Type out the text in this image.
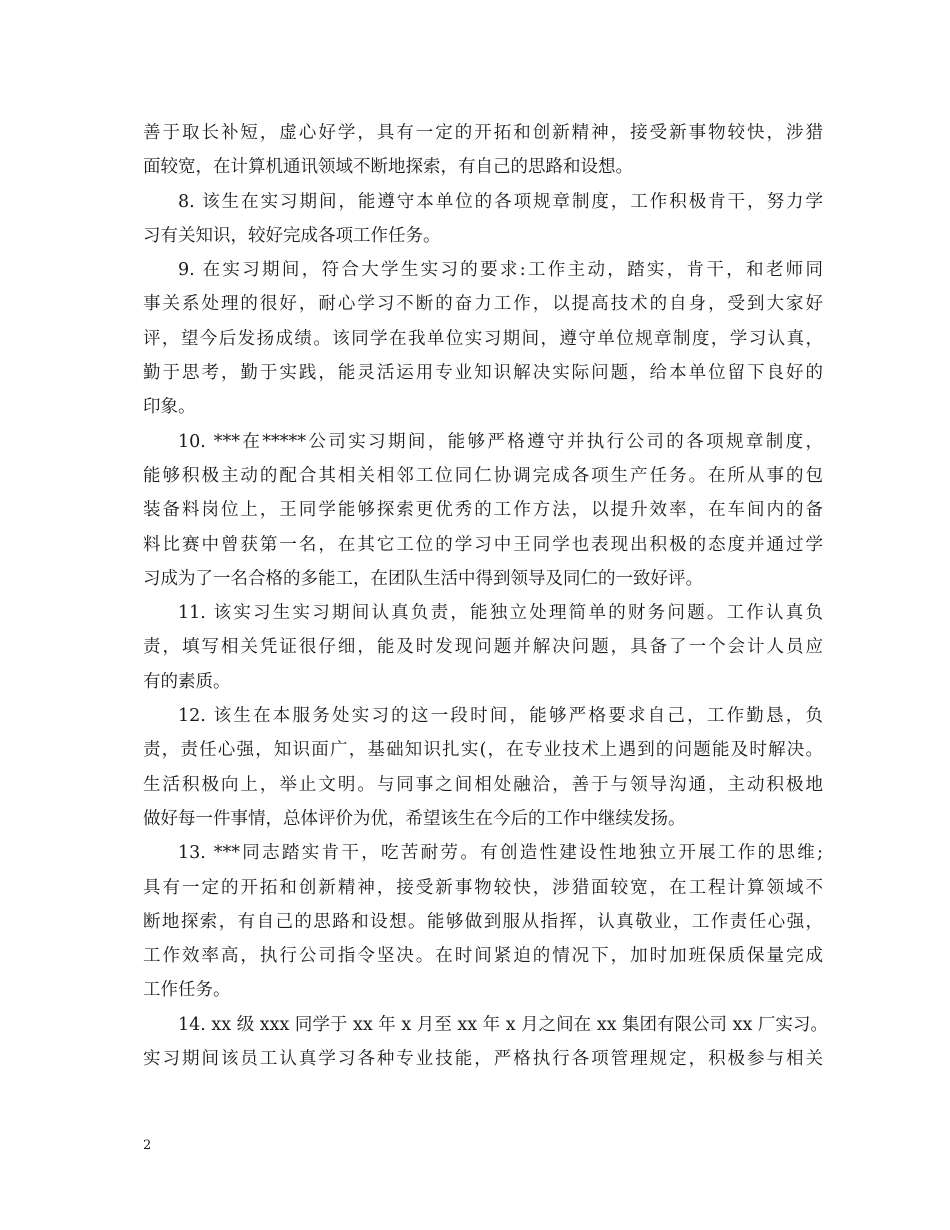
善于取长补短，虚心好学，具有一定的开拓和创新精神，接受新事物较快，涉猎
面较宽，在计算机通讯领域不断地探索，有自己的思路和设想。
8. 该生在实习期间，能遵守本单位的各项规章制度，工作积极肯干，努力学
习有关知识，较好完成各项工作任务。
9. 在实习期间，符合大学生实习的要求:工作主动，踏实，肯干，和老师同
事关系处理的很好，耐心学习不断的奋力工作，以提高技术的自身，受到大家好
评，望今后发扬成绩。该同学在我单位实习期间，遵守单位规章制度，学习认真，
勤于思考，勤于实践，能灵活运用专业知识解决实际问题，给本单位留下良好的
印象。
10. ***在*****公司实习期间，能够严格遵守并执行公司的各项规章制度，
能够积极主动的配合其相关相邻工位同仁协调完成各项生产任务。在所从事的包
装备料岗位上，王同学能够探索更优秀的工作方法，以提升效率，在车间内的备
料比赛中曾获第一名，在其它工位的学习中王同学也表现出积极的态度并通过学
习成为了一名合格的多能工，在团队生活中得到领导及同仁的一致好评。
11. 该实习生实习期间认真负责，能独立处理简单的财务问题。工作认真负
责，填写相关凭证很仔细，能及时发现问题并解决问题，具备了一个会计人员应
有的素质。
12. 该生在本服务处实习的这一段时间，能够严格要求自己，工作勤恳，负
责，责任心强，知识面广，基础知识扎实(，在专业技术上遇到的问题能及时解决。
生活积极向上，举止文明。与同事之间相处融洽，善于与领导沟通，主动积极地
做好每一件事情，总体评价为优，希望该生在今后的工作中继续发扬。
13. ***同志踏实肯干，吃苦耐劳。有创造性建设性地独立开展工作的思维;
具有一定的开拓和创新精神，接受新事物较快，涉猎面较宽，在工程计算领域不
断地探索，有自己的思路和设想。能够做到服从指挥，认真敬业，工作责任心强，
工作效率高，执行公司指令坚决。在时间紧迫的情况下，加时加班保质保量完成
工作任务。
14. xx 级 xxx 同学于 xx 年 x 月至 xx 年 x 月之间在 xx 集团有限公司 xx 厂实习。
实习期间该员工认真学习各种专业技能，严格执行各项管理规定，积极参与相关
2
